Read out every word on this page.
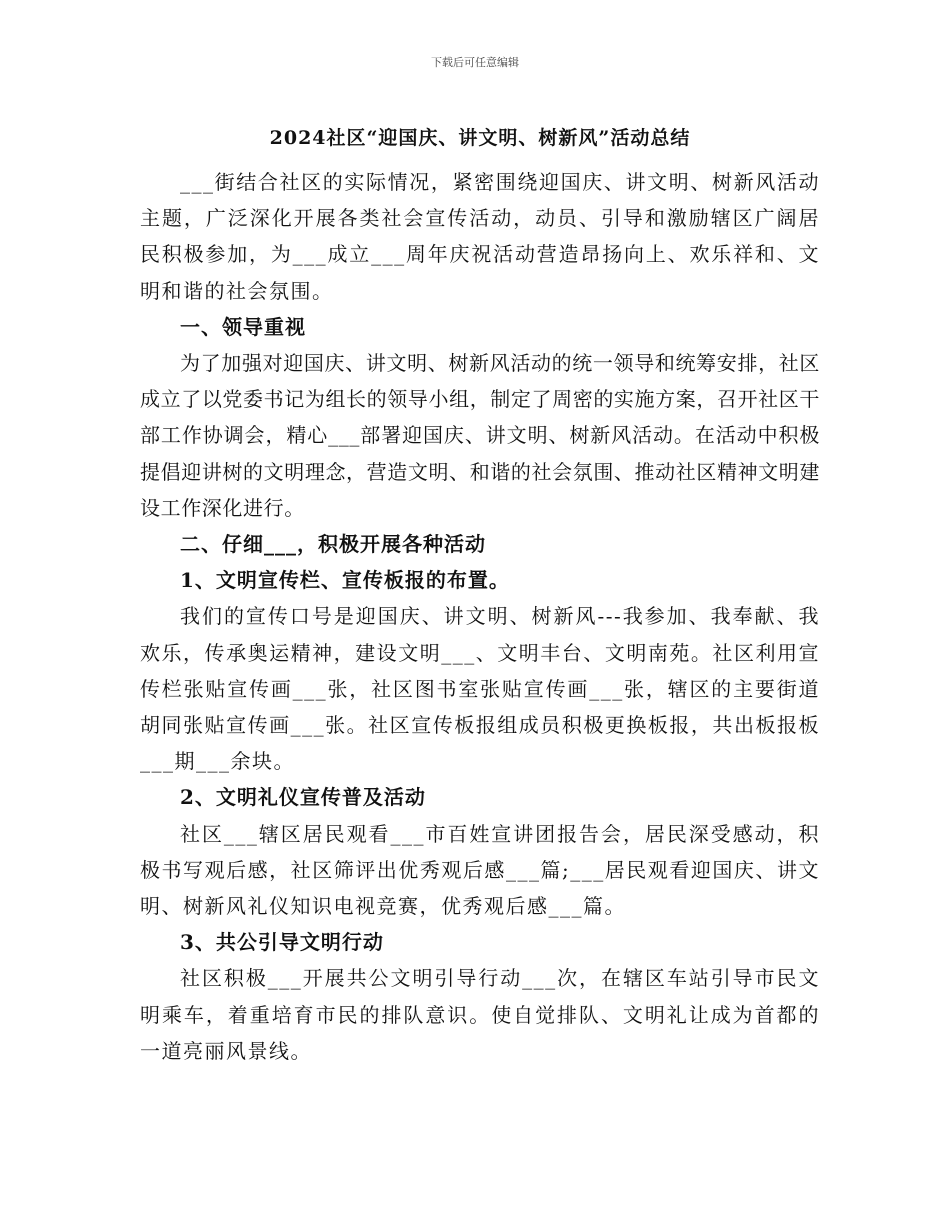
下载后可任意编辑
2024社区“迎国庆、讲文明、树新风”活动总结

___街结合社区的实际情况，紧密围绕迎国庆、讲文明、树新风活动主题，广泛深化开展各类社会宣传活动，动员、引导和激励辖区广阔居民积极参加，为___成立___周年庆祝活动营造昂扬向上、欢乐祥和、文明和谐的社会氛围。

一、领导重视

为了加强对迎国庆、讲文明、树新风活动的统一领导和统筹安排，社区成立了以党委书记为组长的领导小组，制定了周密的实施方案，召开社区干部工作协调会，精心___部署迎国庆、讲文明、树新风活动。在活动中积极提倡迎讲树的文明理念，营造文明、和谐的社会氛围、推动社区精神文明建设工作深化进行。

二、仔细___，积极开展各种活动
1、文明宣传栏、宣传板报的布置。

我们的宣传口号是迎国庆、讲文明、树新风---我参加、我奉献、我欢乐，传承奥运精神，建设文明___、文明丰台、文明南苑。社区利用宣传栏张贴宣传画___张，社区图书室张贴宣传画___张，辖区的主要街道胡同张贴宣传画___张。社区宣传板报组成员积极更换板报，共出板报板___期___余块。

2、文明礼仪宣传普及活动

社区___辖区居民观看___市百姓宣讲团报告会，居民深受感动，积极书写观后感，社区筛评出优秀观后感___篇;___居民观看迎国庆、讲文明、树新风礼仪知识电视竞赛，优秀观后感___篇。

3、共公引导文明行动

社区积极___开展共公文明引导行动___次，在辖区车站引导市民文明乘车，着重培育市民的排队意识。使自觉排队、文明礼让成为首都的一道亮丽风景线。
